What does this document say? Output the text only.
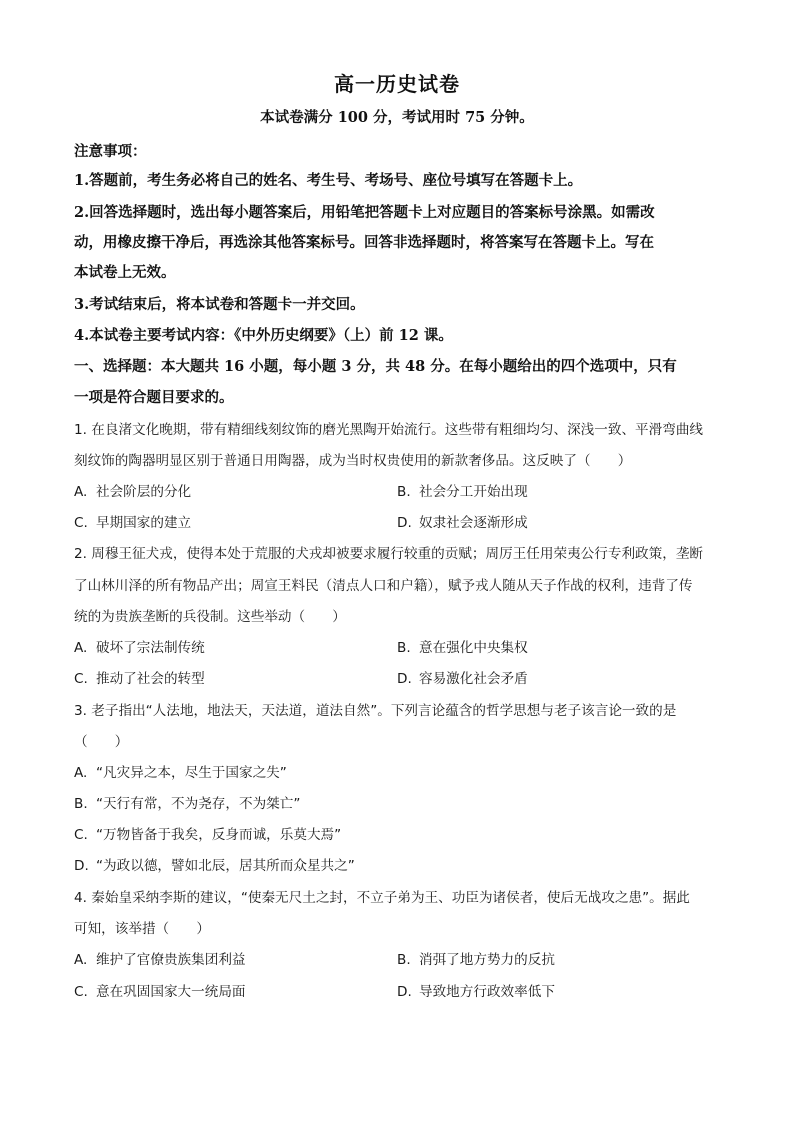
高一历史试卷
本试卷满分 100 分，考试用时 75 分钟。
注意事项：
1.答题前，考生务必将自己的姓名、考生号、考场号、座位号填写在答题卡上。
2.回答选择题时，选出每小题答案后，用铅笔把答题卡上对应题目的答案标号涂黑。如需改
动，用橡皮擦干净后，再选涂其他答案标号。回答非选择题时，将答案写在答题卡上。写在
本试卷上无效。
3.考试结束后，将本试卷和答题卡一并交回。
4.本试卷主要考试内容：《中外历史纲要》（上）前 12 课。
一、选择题：本大题共 16 小题，每小题 3 分，共 48 分。在每小题给出的四个选项中，只有
一项是符合题目要求的。
1. 在良渚文化晚期，带有精细线刻纹饰的磨光黑陶开始流行。这些带有粗细均匀、深浅一致、平滑弯曲线
刻纹饰的陶器明显区别于普通日用陶器，成为当时权贵使用的新款奢侈品。这反映了（　　）
A. 社会阶层的分化	B. 社会分工开始出现
C. 早期国家的建立	D. 奴隶社会逐渐形成
2. 周穆王征犬戎，使得本处于荒服的犬戎却被要求履行较重的贡赋；周厉王任用荣夷公行专利政策，垄断
了山林川泽的所有物品产出；周宣王料民（清点人口和户籍），赋予戎人随从天子作战的权利，违背了传
统的为贵族垄断的兵役制。这些举动（　　）
A. 破坏了宗法制传统	B. 意在强化中央集权
C. 推动了社会的转型	D. 容易激化社会矛盾
3. 老子指出“人法地，地法天，天法道，道法自然”。下列言论蕴含的哲学思想与老子该言论一致的是
（　　）
A. “凡灾异之本，尽生于国家之失”
B. “天行有常，不为尧存，不为桀亡”
C. “万物皆备于我矣，反身而诚，乐莫大焉”
D. “为政以德，譬如北辰，居其所而众星共之”
4. 秦始皇采纳李斯的建议，“使秦无尺土之封，不立子弟为王、功臣为诸侯者，使后无战攻之患”。据此
可知，该举措（　　）
A. 维护了官僚贵族集团利益	B. 消弭了地方势力的反抗
C. 意在巩固国家大一统局面	D. 导致地方行政效率低下
